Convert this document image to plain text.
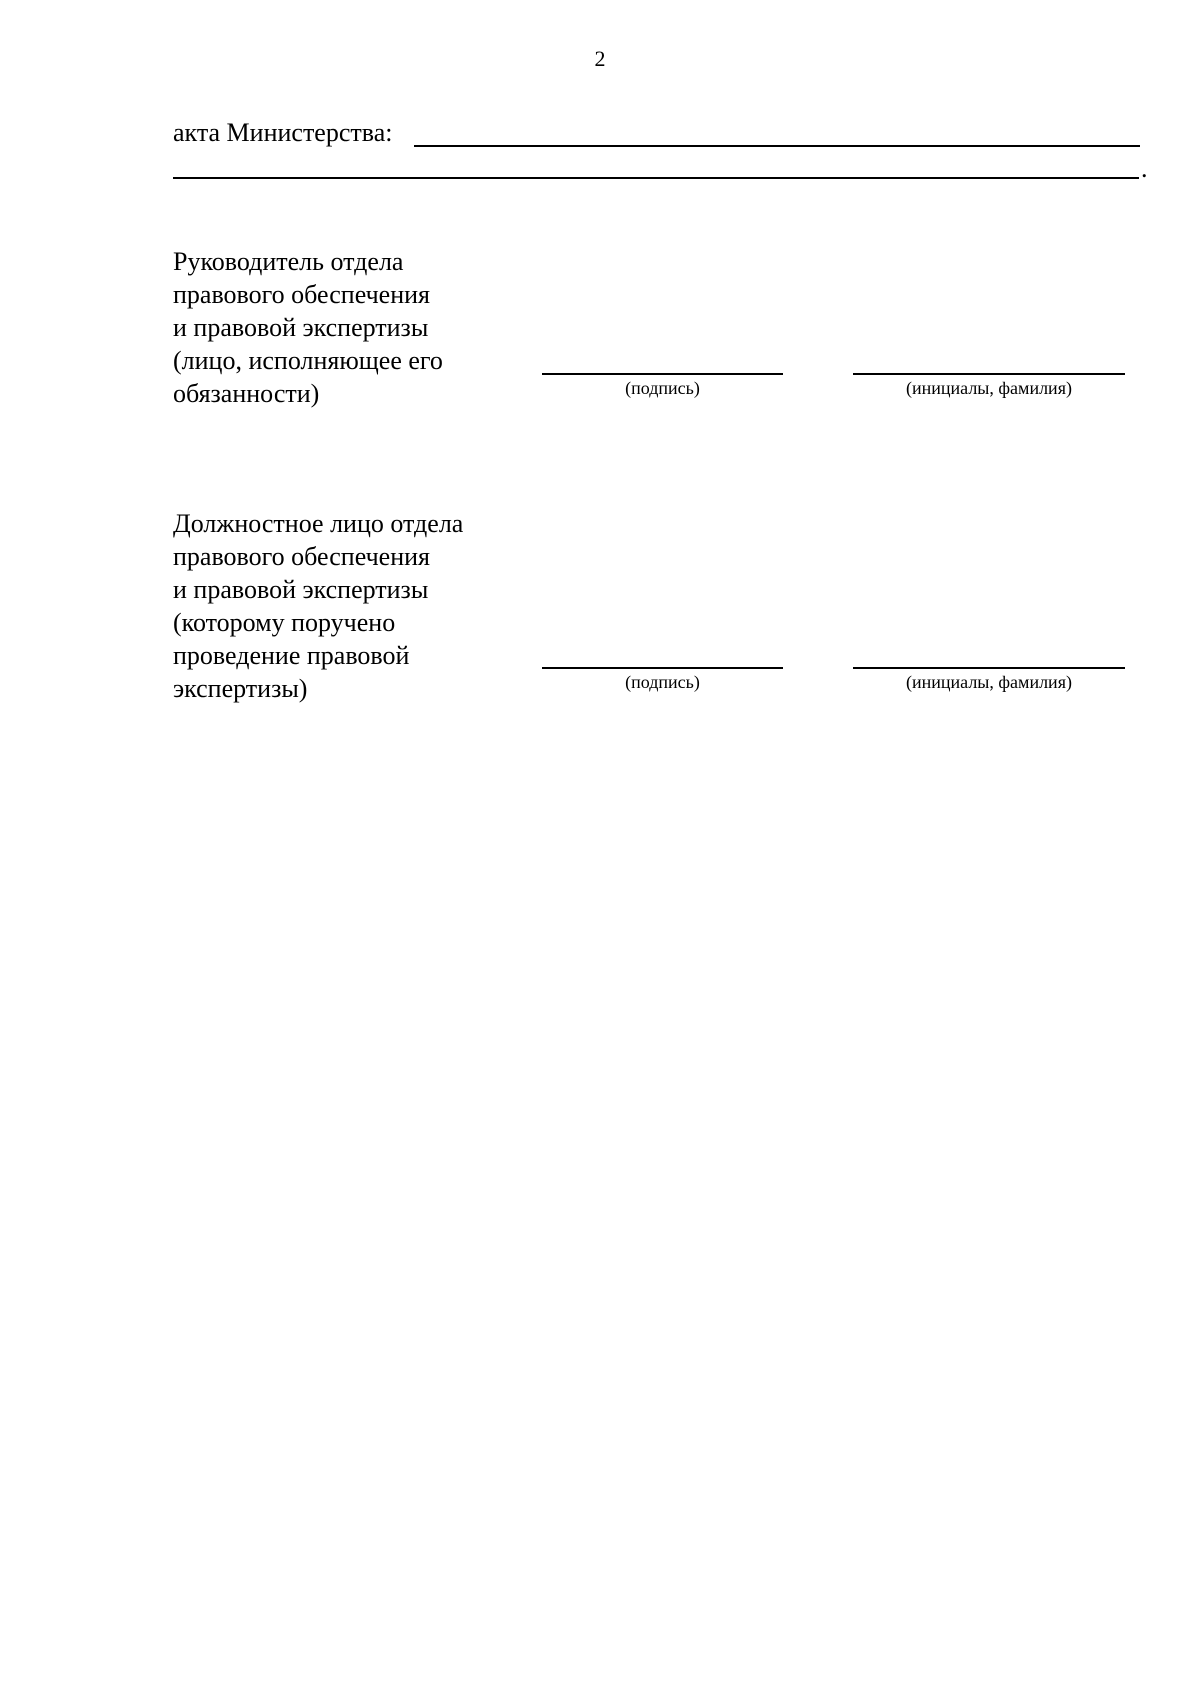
2
акта Министерства:
.
Руководитель отдела
правового обеспечения
и правовой экспертизы
(лицо, исполняющее его
обязанности)	(подпись)	(инициалы, фамилия)
Должностное лицо отдела
правового обеспечения
и правовой экспертизы
(которому поручено
проведение правовой
экспертизы)	(подпись)	(инициалы, фамилия)
